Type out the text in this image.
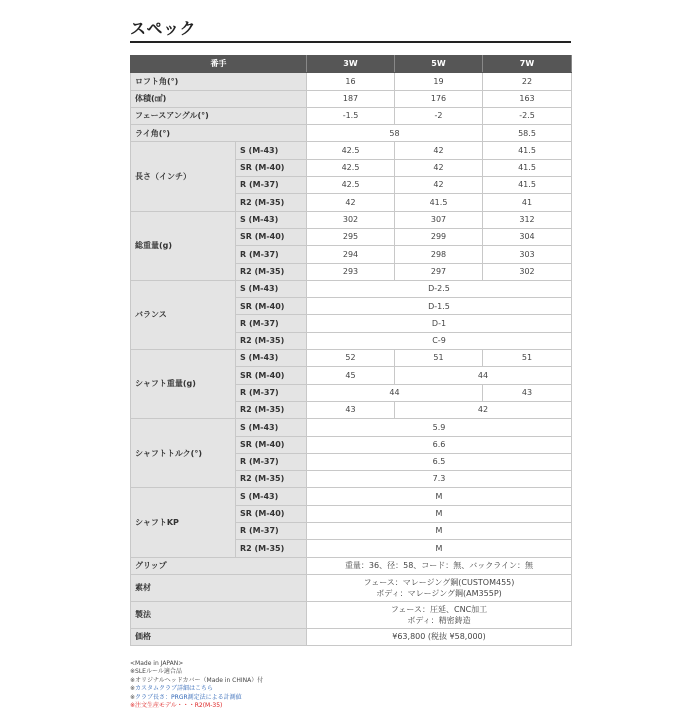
スペック
番手		3W	5W	7W
ロフト角(°)		16	19	22
体積(㎤)		187	176	163
フェースアングル(°)		-1.5	-2	-2.5
ライ角(°)		58		58.5
長さ（インチ）	S (M-43)	42.5	42	41.5
	SR (M-40)	42.5	42	41.5
	R (M-37)	42.5	42	41.5
	R2 (M-35)	42	41.5	41
総重量(g)	S (M-43)	302	307	312
	SR (M-40)	295	299	304
	R (M-37)	294	298	303
	R2 (M-35)	293	297	302
バランス	S (M-43)	D-2.5		
	SR (M-40)	D-1.5		
	R (M-37)	D-1		
	R2 (M-35)	C-9		
シャフト重量(g)	S (M-43)	52	51	51
	SR (M-40)	45	44	
	R (M-37)	44		43
	R2 (M-35)	43	42	
シャフトトルク(°)	S (M-43)	5.9		
	SR (M-40)	6.6		
	R (M-37)	6.5		
	R2 (M-35)	7.3		
シャフトKP	S (M-43)	M		
	SR (M-40)	M		
	R (M-37)	M		
	R2 (M-35)	M		
グリップ		重量：36、径：58、コード：無、バックライン：無		
素材		フェース：マレージング鋼(CUSTOM455)
ボディ：マレージング鋼(AM355P)		

製法		フェース：圧延、CNC加工
ボディ：精密鋳造		

価格		¥63,800 (税抜 ¥58,000)		
<Made in JAPAN>
※SLEルール適合品
※オリジナルヘッドカバー（Made in CHINA）付
※カスタムクラブ詳細はこちら
※クラブ長さ：PRGR測定法による計測値
※注文生産モデル・・・R2(M-35)
